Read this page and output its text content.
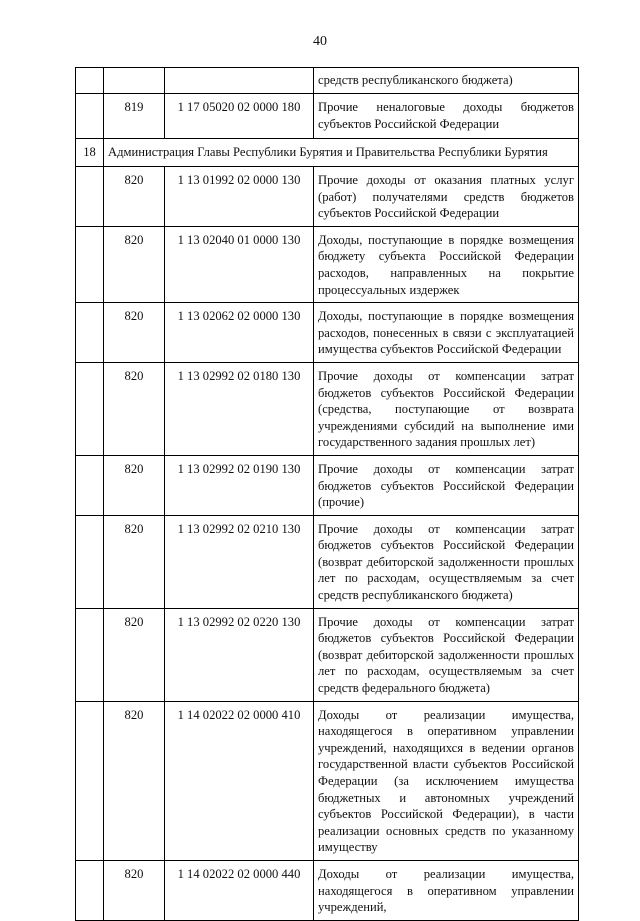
40
			средств республиканского бюджета)
	819	1 17 05020 02 0000 180	Прочие неналоговые доходы бюджетов субъектов Российской Федерации
18	Администрация Главы Республики Бурятия и Правительства Республики Бурятия		
	820	1 13 01992 02 0000 130	Прочие доходы от оказания платных услуг (работ) получателями средств бюджетов субъектов Российской Федерации
	820	1 13 02040 01 0000 130	Доходы, поступающие в порядке возмещения бюджету субъекта Российской Федерации расходов, направленных на покрытие процессуальных издержек
	820	1 13 02062 02 0000 130	Доходы, поступающие в порядке возмещения расходов, понесенных в связи с эксплуатацией имущества субъектов Российской Федерации
	820	1 13 02992 02 0180 130	Прочие доходы от компенсации затрат бюджетов субъектов Российской Федерации (средства, поступающие от возврата учреждениями субсидий на выполнение ими государственного задания прошлых лет)
	820	1 13 02992 02 0190 130	Прочие доходы от компенсации затрат бюджетов субъектов Российской Федерации (прочие)
	820	1 13 02992 02 0210 130	Прочие доходы от компенсации затрат бюджетов субъектов Российской Федерации (возврат дебиторской задолженности прошлых лет по расходам, осуществляемым за счет средств республиканского бюджета)
	820	1 13 02992 02 0220 130	Прочие доходы от компенсации затрат бюджетов субъектов Российской Федерации (возврат дебиторской задолженности прошлых лет по расходам, осуществляемым за счет средств федерального бюджета)
	820	1 14 02022 02 0000 410	Доходы от реализации имущества, находящегося в оперативном управлении учреждений, находящихся в ведении органов государственной власти субъектов Российской Федерации (за исключением имущества бюджетных и автономных учреждений субъектов Российской Федерации), в части реализации основных средств по указанному имуществу
	820	1 14 02022 02 0000 440	Доходы от реализации имущества, находящегося в оперативном управлении учреждений,
